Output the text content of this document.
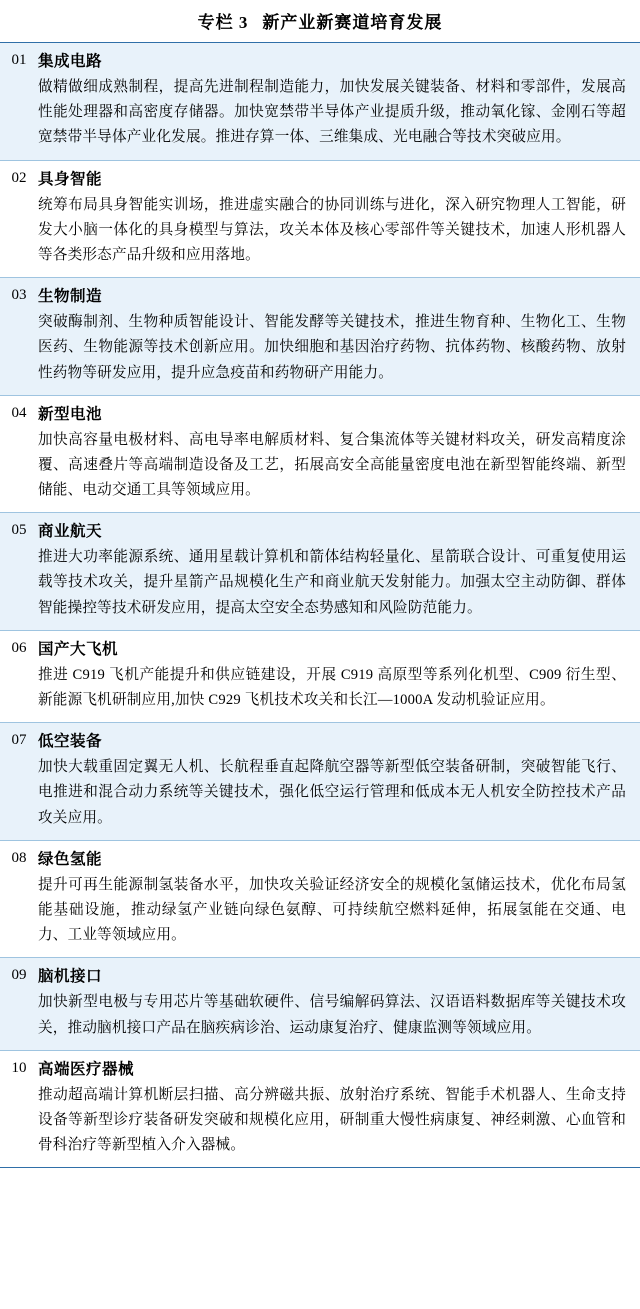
专栏 3 新产业新赛道培育发展
01 集成电路
做精做细成熟制程，提高先进制程制造能力，加快发展关键装备、材料和零部件，发展高性能处理器和高密度存储器。加快宽禁带半导体产业提质升级，推动氧化镓、金刚石等超宽禁带半导体产业化发展。推进存算一体、三维集成、光电融合等技术突破应用。
02 具身智能
统筹布局具身智能实训场，推进虚实融合的协同训练与进化，深入研究物理人工智能，研发大小脑一体化的具身模型与算法，攻关本体及核心零部件等关键技术，加速人形机器人等各类形态产品升级和应用落地。
03 生物制造
突破酶制剂、生物种质智能设计、智能发酵等关键技术，推进生物育种、生物化工、生物医药、生物能源等技术创新应用。加快细胞和基因治疗药物、抗体药物、核酸药物、放射性药物等研发应用，提升应急疫苗和药物研产用能力。
04 新型电池
加快高容量电极材料、高电导率电解质材料、复合集流体等关键材料攻关，研发高精度涂覆、高速叠片等高端制造设备及工艺，拓展高安全高能量密度电池在新型智能终端、新型储能、电动交通工具等领域应用。
05 商业航天
推进大功率能源系统、通用星载计算机和箭体结构轻量化、星箭联合设计、可重复使用运载等技术攻关，提升星箭产品规模化生产和商业航天发射能力。加强太空主动防御、群体智能操控等技术研发应用，提高太空安全态势感知和风险防范能力。
06 国产大飞机
推进 C919 飞机产能提升和供应链建设，开展 C919 高原型等系列化机型、C909 衍生型、新能源飞机研制应用,加快 C929 飞机技术攻关和长江—1000A 发动机验证应用。
07 低空装备
加快大载重固定翼无人机、长航程垂直起降航空器等新型低空装备研制，突破智能飞行、电推进和混合动力系统等关键技术，强化低空运行管理和低成本无人机安全防控技术产品攻关应用。
08 绿色氢能
提升可再生能源制氢装备水平，加快攻关验证经济安全的规模化氢储运技术，优化布局氢能基础设施，推动绿氢产业链向绿色氨醇、可持续航空燃料延伸，拓展氢能在交通、电力、工业等领域应用。
09 脑机接口
加快新型电极与专用芯片等基础软硬件、信号编解码算法、汉语语料数据库等关键技术攻关，推动脑机接口产品在脑疾病诊治、运动康复治疗、健康监测等领域应用。
10 高端医疗器械
推动超高端计算机断层扫描、高分辨磁共振、放射治疗系统、智能手术机器人、生命支持设备等新型诊疗装备研发突破和规模化应用，研制重大慢性病康复、神经刺激、心血管和骨科治疗等新型植入介入器械。
